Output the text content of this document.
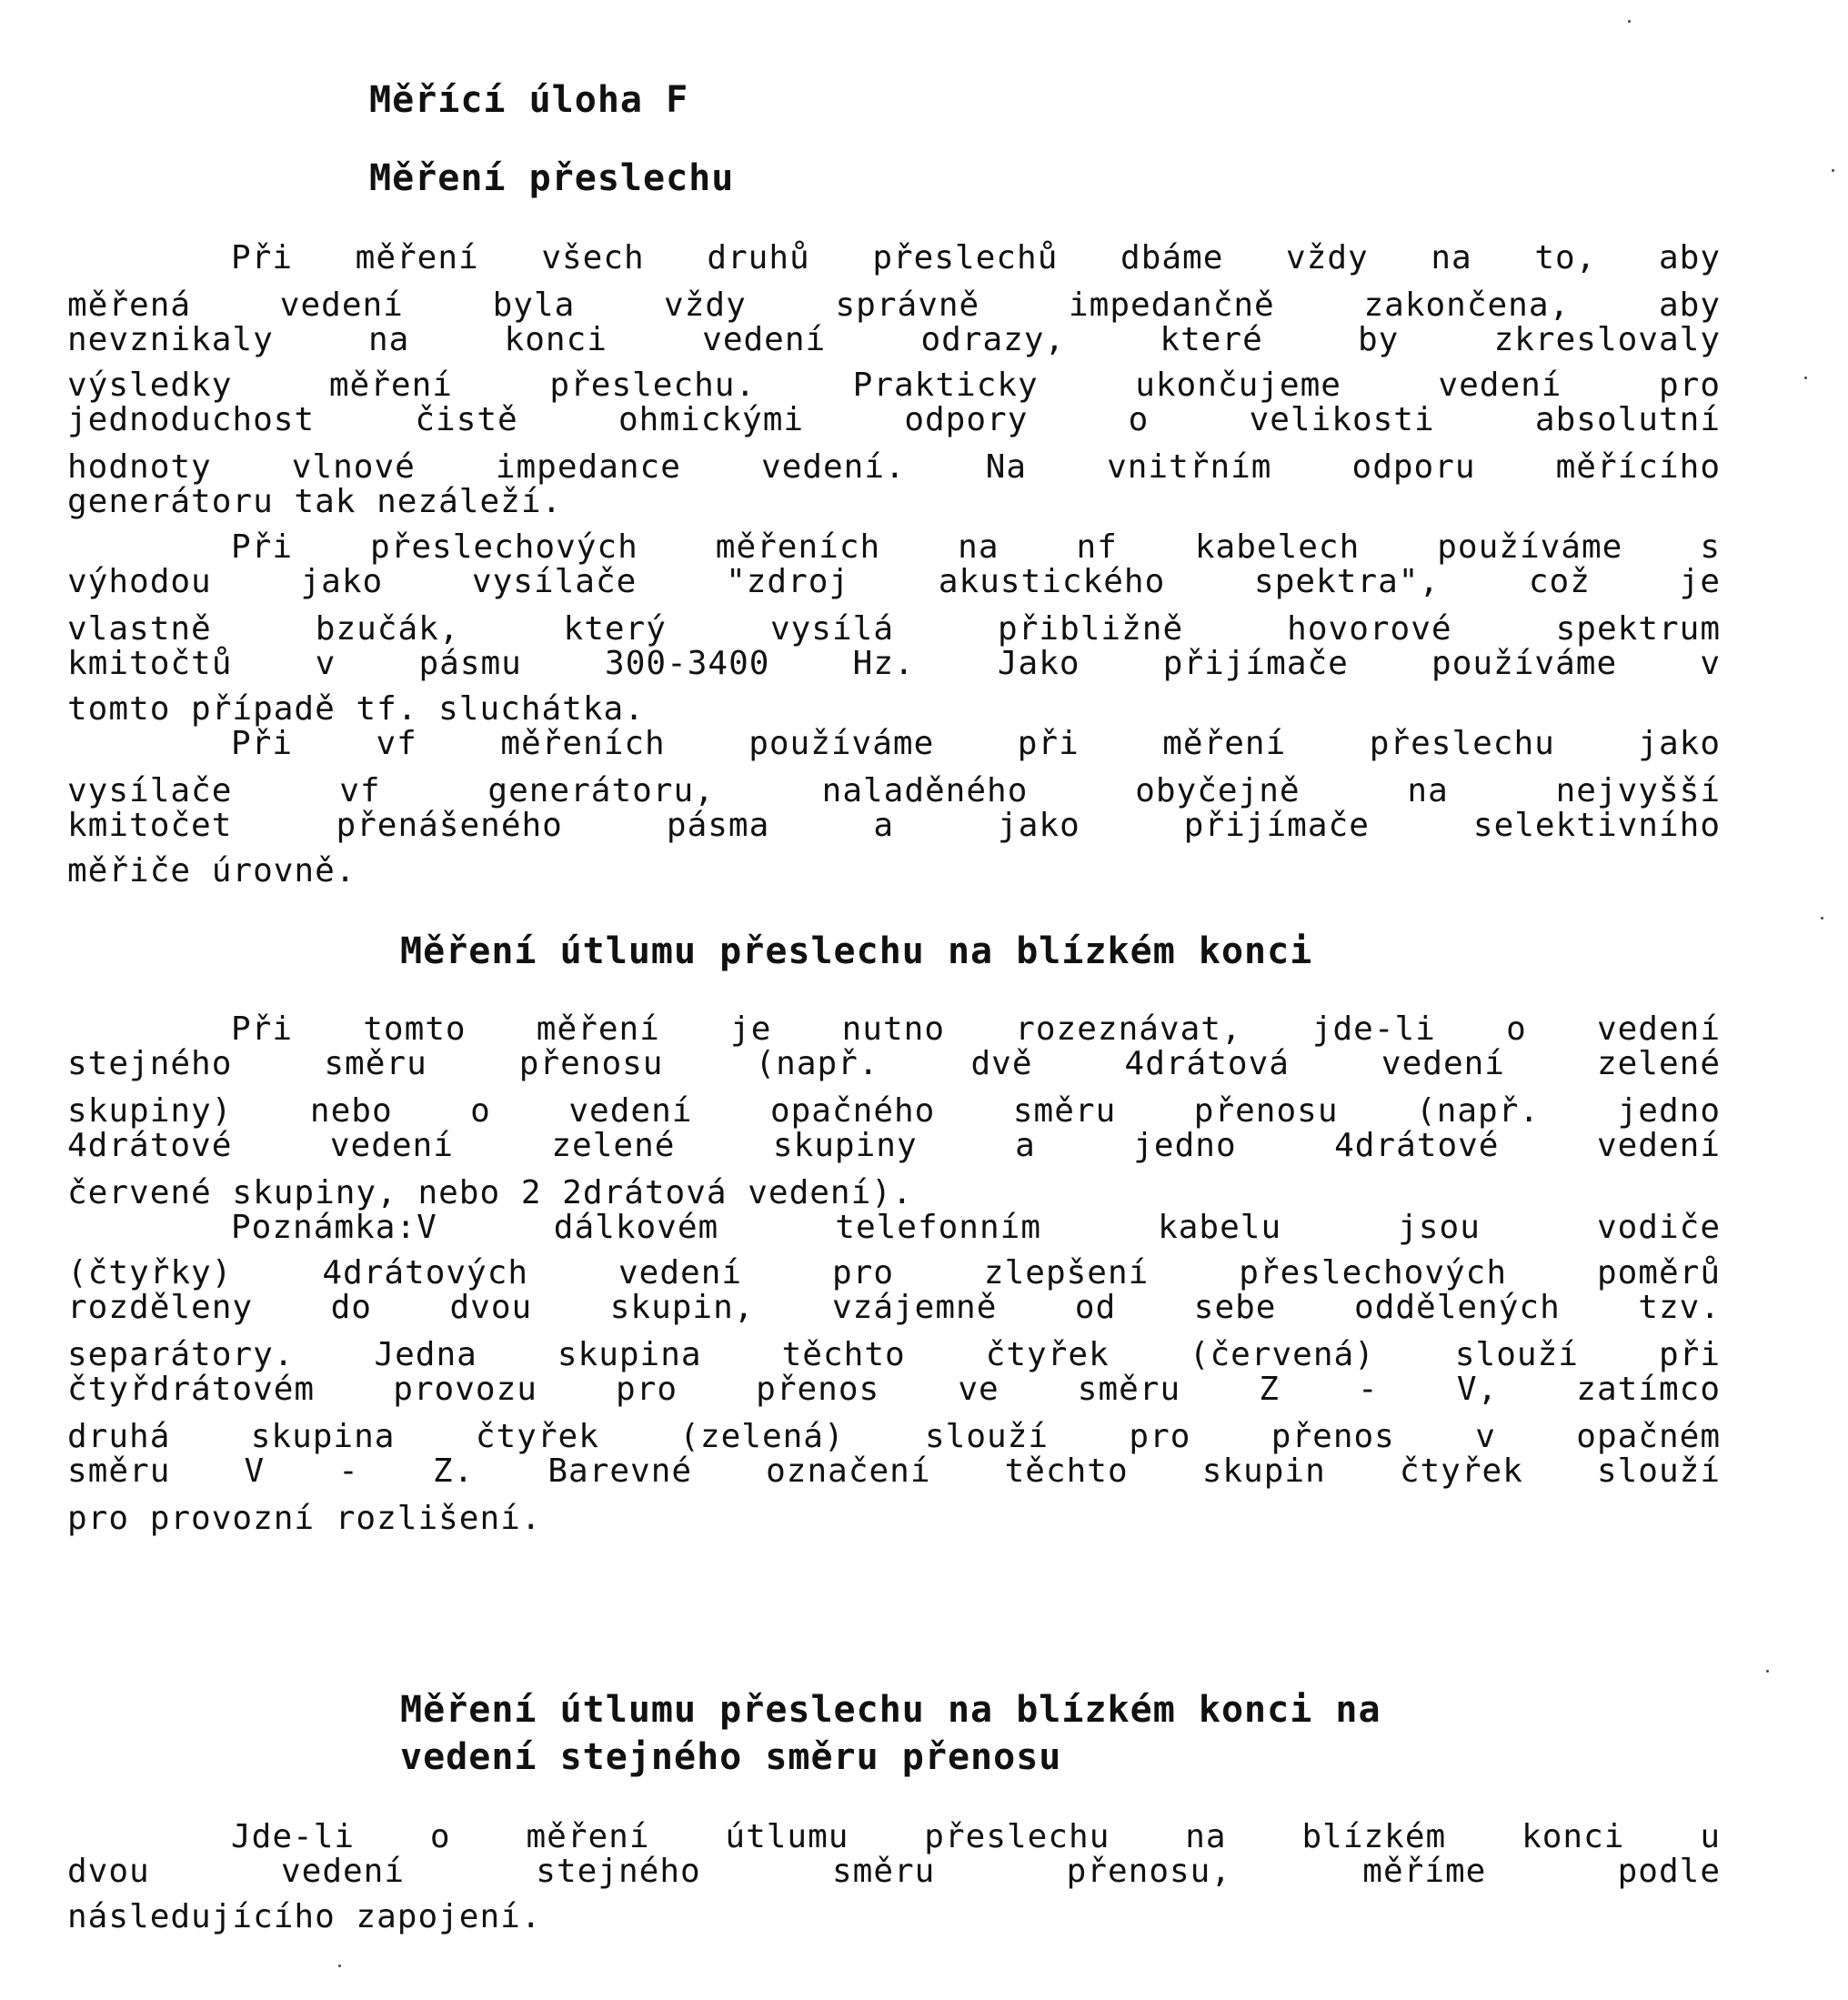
Měřící úloha F
Měření přeslechu
Při měření všech druhů přeslechů dbáme vždy na to, aby
měřená vedení byla vždy správně impedančně zakončena, aby
nevznikaly na konci vedení odrazy, které by zkreslovaly
výsledky měření přeslechu. Prakticky ukončujeme vedení pro
jednoduchost čistě ohmickými odpory o velikosti absolutní
hodnoty vlnové impedance vedení. Na vnitřním odporu měřícího
generátoru tak nezáleží.
Při přeslechových měřeních na nf kabelech používáme s
výhodou jako vysílače "zdroj akustického spektra", což je
vlastně bzučák, který vysílá přibližně hovorové spektrum
kmitočtů v pásmu 300-3400 Hz. Jako přijímače používáme v
tomto případě tf. sluchátka.
Při vf měřeních používáme při měření přeslechu jako
vysílače vf generátoru, naladěného obyčejně na nejvyšší
kmitočet přenášeného pásma a jako přijímače selektivního
měřiče úrovně.
Měření útlumu přeslechu na blízkém konci
Při tomto měření je nutno rozeznávat, jde-li o vedení
stejného směru přenosu (např. dvě 4drátová vedení zelené
skupiny) nebo o vedení opačného směru přenosu (např. jedno
4drátové vedení zelené skupiny a jedno 4drátové vedení
červené skupiny, nebo 2 2drátová vedení).
Poznámka:V dálkovém telefonním kabelu jsou vodiče
(čtyřky) 4drátových vedení pro zlepšení přeslechových poměrů
rozděleny do dvou skupin, vzájemně od sebe oddělených tzv.
separátory. Jedna skupina těchto čtyřek (červená) slouží při
čtyřdrátovém provozu pro přenos ve směru Z - V, zatímco
druhá skupina čtyřek (zelená) slouží pro přenos v opačném
směru V - Z. Barevné označení těchto skupin čtyřek slouží
pro provozní rozlišení.
Měření útlumu přeslechu na blízkém konci na
vedení stejného směru přenosu
Jde-li o měření útlumu přeslechu na blízkém konci u
dvou vedení stejného směru přenosu, měříme podle
následujícího zapojení.
